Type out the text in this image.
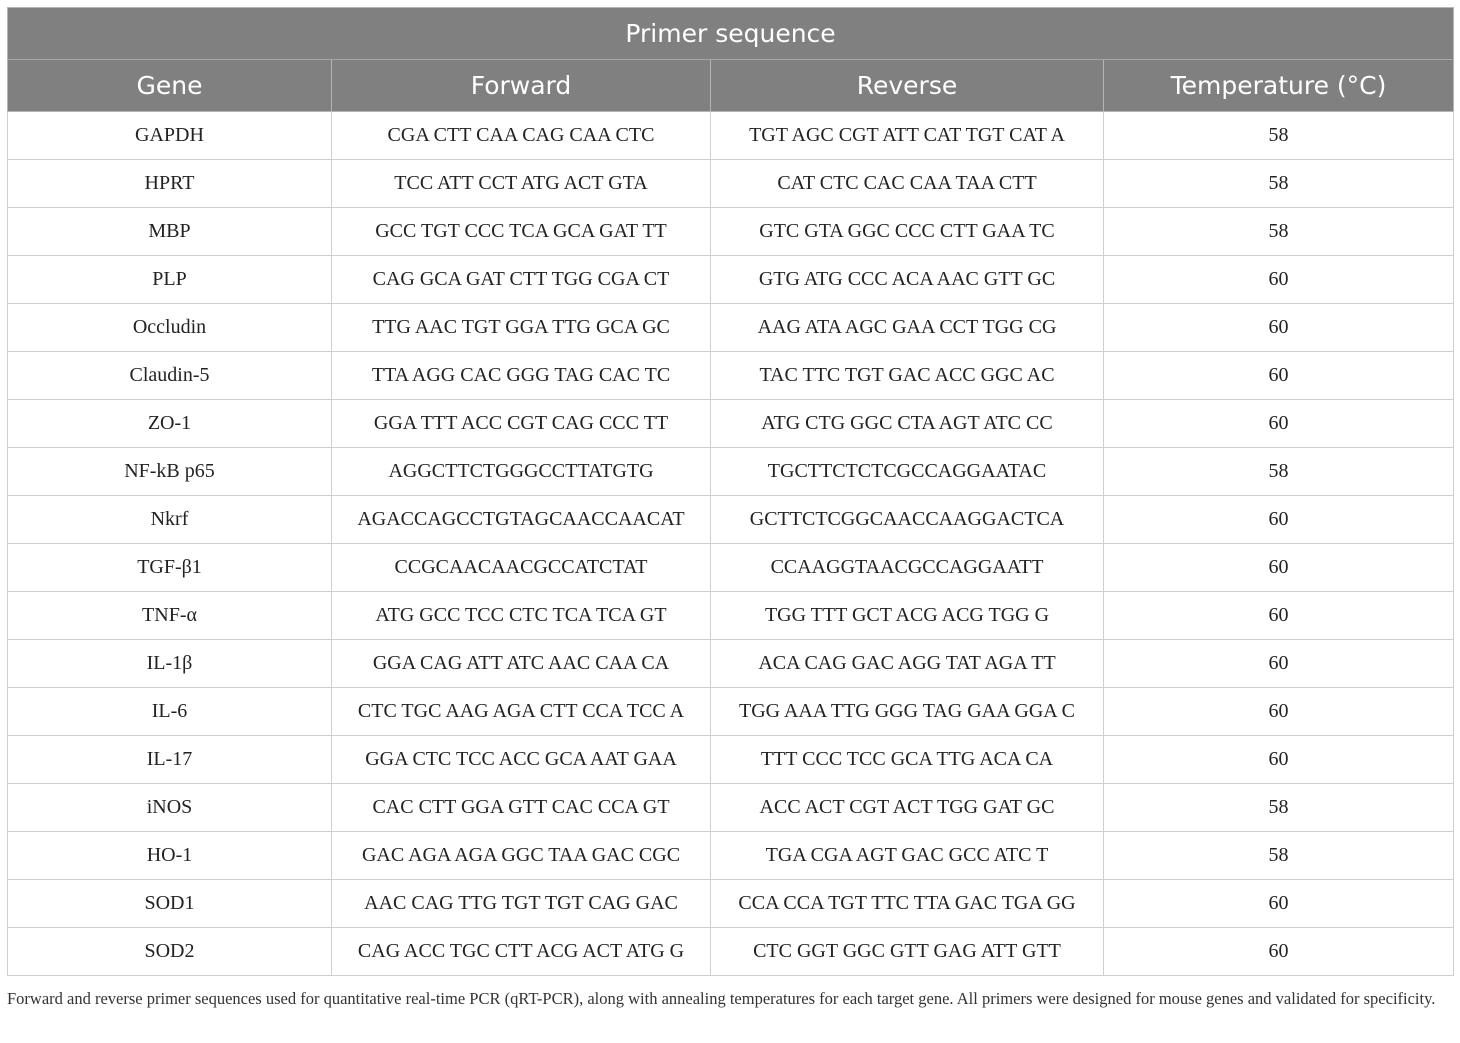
Primer sequence			
Gene	Forward	Reverse	Temperature (°C)
GAPDH	CGA CTT CAA CAG CAA CTC	TGT AGC CGT ATT CAT TGT CAT A	58
HPRT	TCC ATT CCT ATG ACT GTA	CAT CTC CAC CAA TAA CTT	58
MBP	GCC TGT CCC TCA GCA GAT TT	GTC GTA GGC CCC CTT GAA TC	58
PLP	CAG GCA GAT CTT TGG CGA CT	GTG ATG CCC ACA AAC GTT GC	60
Occludin	TTG AAC TGT GGA TTG GCA GC	AAG ATA AGC GAA CCT TGG CG	60
Claudin-5	TTA AGG CAC GGG TAG CAC TC	TAC TTC TGT GAC ACC GGC AC	60
ZO-1	GGA TTT ACC CGT CAG CCC TT	ATG CTG GGC CTA AGT ATC CC	60
NF-kB p65	AGGCTTCTGGGCCTTATGTG	TGCTTCTCTCGCCAGGAATAC	58
Nkrf	AGACCAGCCTGTAGCAACCAACAT	GCTTCTCGGCAACCAAGGACTCA	60
TGF-β1	CCGCAACAACGCCATCTAT	CCAAGGTAACGCCAGGAATT	60
TNF-α	ATG GCC TCC CTC TCA TCA GT	TGG TTT GCT ACG ACG TGG G	60
IL-1β	GGA CAG ATT ATC AAC CAA CA	ACA CAG GAC AGG TAT AGA TT	60
IL-6	CTC TGC AAG AGA CTT CCA TCC A	TGG AAA TTG GGG TAG GAA GGA C	60
IL-17	GGA CTC TCC ACC GCA AAT GAA	TTT CCC TCC GCA TTG ACA CA	60
iNOS	CAC CTT GGA GTT CAC CCA GT	ACC ACT CGT ACT TGG GAT GC	58
HO-1	GAC AGA AGA GGC TAA GAC CGC	TGA CGA AGT GAC GCC ATC T	58
SOD1	AAC CAG TTG TGT TGT CAG GAC	CCA CCA TGT TTC TTA GAC TGA GG	60
SOD2	CAG ACC TGC CTT ACG ACT ATG G	CTC GGT GGC GTT GAG ATT GTT	60

Forward and reverse primer sequences used for quantitative real-time PCR (qRT-PCR), along with annealing temperatures for each target gene. All primers were designed for mouse genes and validated for specificity.
